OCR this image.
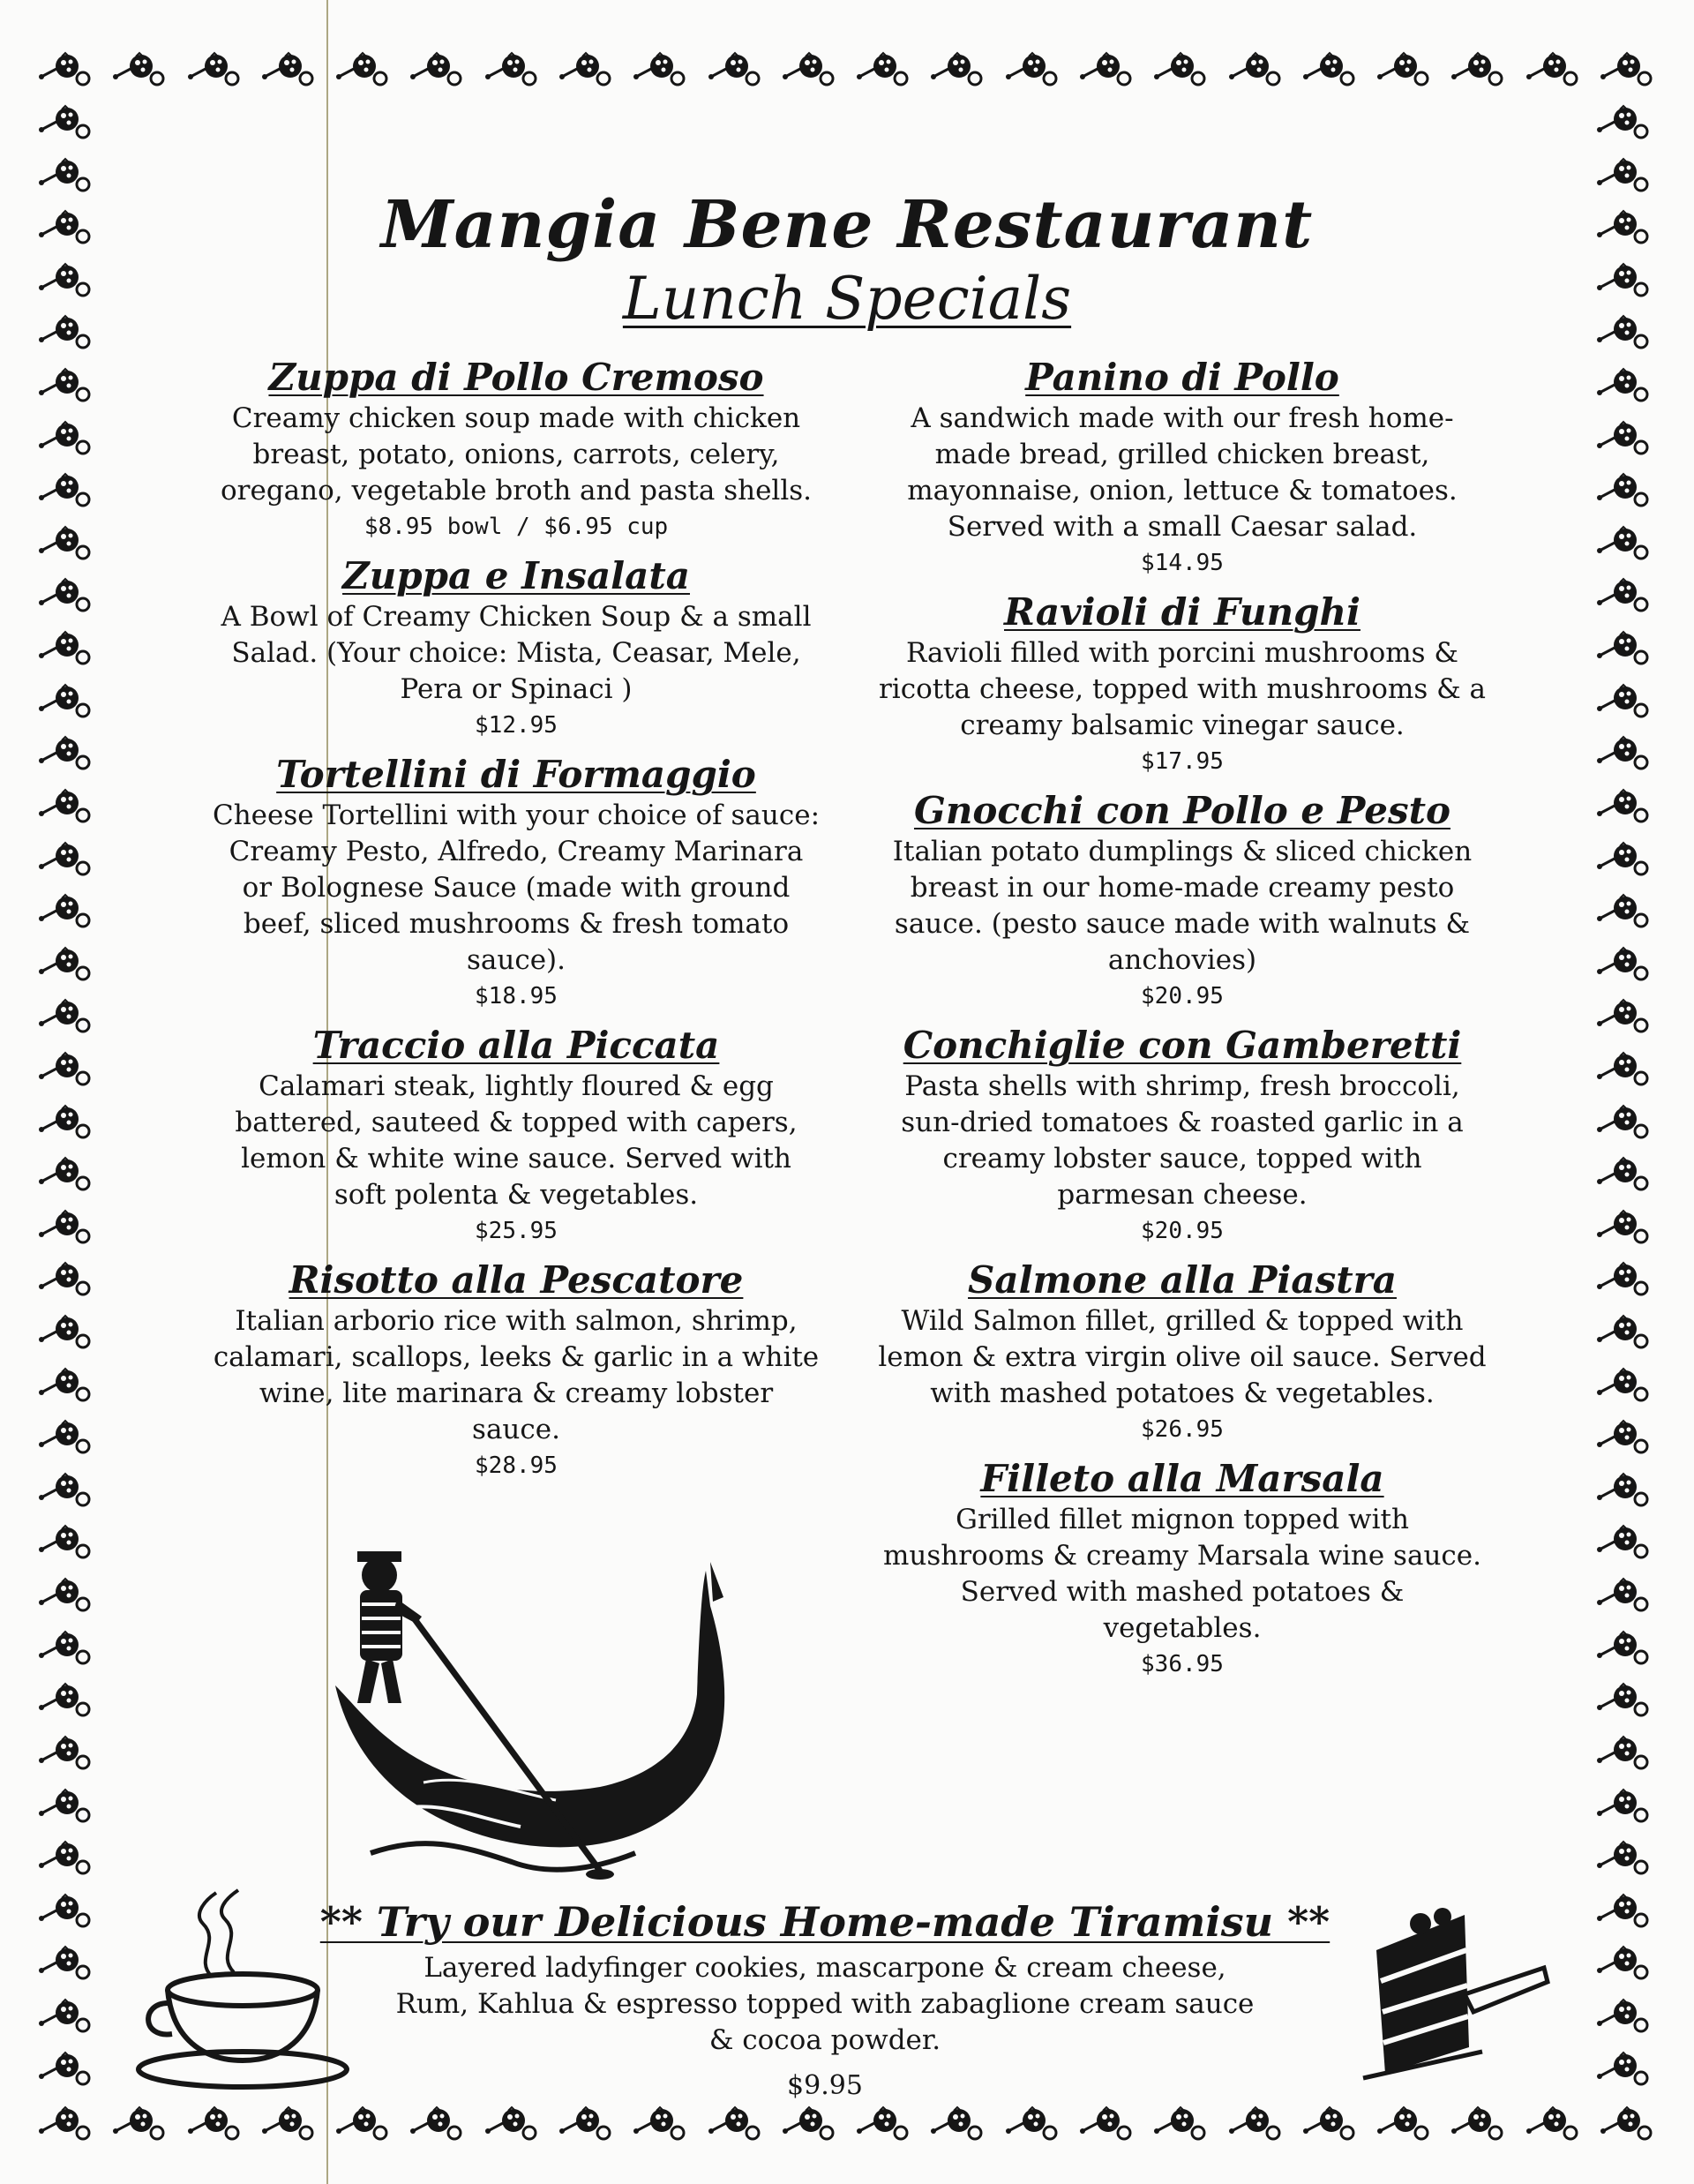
Mangia Bene Restaurant
Lunch Specials
Zuppa di Pollo Cremoso
Creamy chicken soup made with chicken breast, potato, onions, carrots, celery, oregano, vegetable broth and pasta shells.
$8.95 bowl / $6.95 cup
Zuppa e Insalata
A Bowl of Creamy Chicken Soup & a small Salad. (Your choice: Mista, Ceasar, Mele, Pera or Spinaci )
$12.95
Tortellini di Formaggio
Cheese Tortellini with your choice of sauce: Creamy Pesto, Alfredo, Creamy Marinara or Bolognese Sauce (made with ground beef, sliced mushrooms & fresh tomato sauce).
$18.95
Traccio alla Piccata
Calamari steak, lightly floured & egg battered, sauteed & topped with capers, lemon & white wine sauce. Served with soft polenta & vegetables.
$25.95
Risotto alla Pescatore
Italian arborio rice with salmon, shrimp, calamari, scallops, leeks & garlic in a white wine, lite marinara & creamy lobster sauce.
$28.95
Panino di Pollo
A sandwich made with our fresh home-made bread, grilled chicken breast, mayonnaise, onion, lettuce & tomatoes. Served with a small Caesar salad.
$14.95
Ravioli di Funghi
Ravioli filled with porcini mushrooms & ricotta cheese, topped with mushrooms & a creamy balsamic vinegar sauce.
$17.95
Gnocchi con Pollo e Pesto
Italian potato dumplings & sliced chicken breast in our home-made creamy pesto sauce. (pesto sauce made with walnuts & anchovies)
$20.95
Conchiglie con Gamberetti
Pasta shells with shrimp, fresh broccoli, sun-dried tomatoes & roasted garlic in a creamy lobster sauce, topped with parmesan cheese.
$20.95
Salmone alla Piastra
Wild Salmon fillet, grilled & topped with lemon & extra virgin olive oil sauce. Served with mashed potatoes & vegetables.
$26.95
Filleto alla Marsala
Grilled fillet mignon topped with mushrooms & creamy Marsala wine sauce. Served with mashed potatoes & vegetables.
$36.95
** Try our Delicious Home-made Tiramisu **
Layered ladyfinger cookies, mascarpone & cream cheese, Rum, Kahlua & espresso topped with zabaglione cream sauce & cocoa powder.
$9.95
